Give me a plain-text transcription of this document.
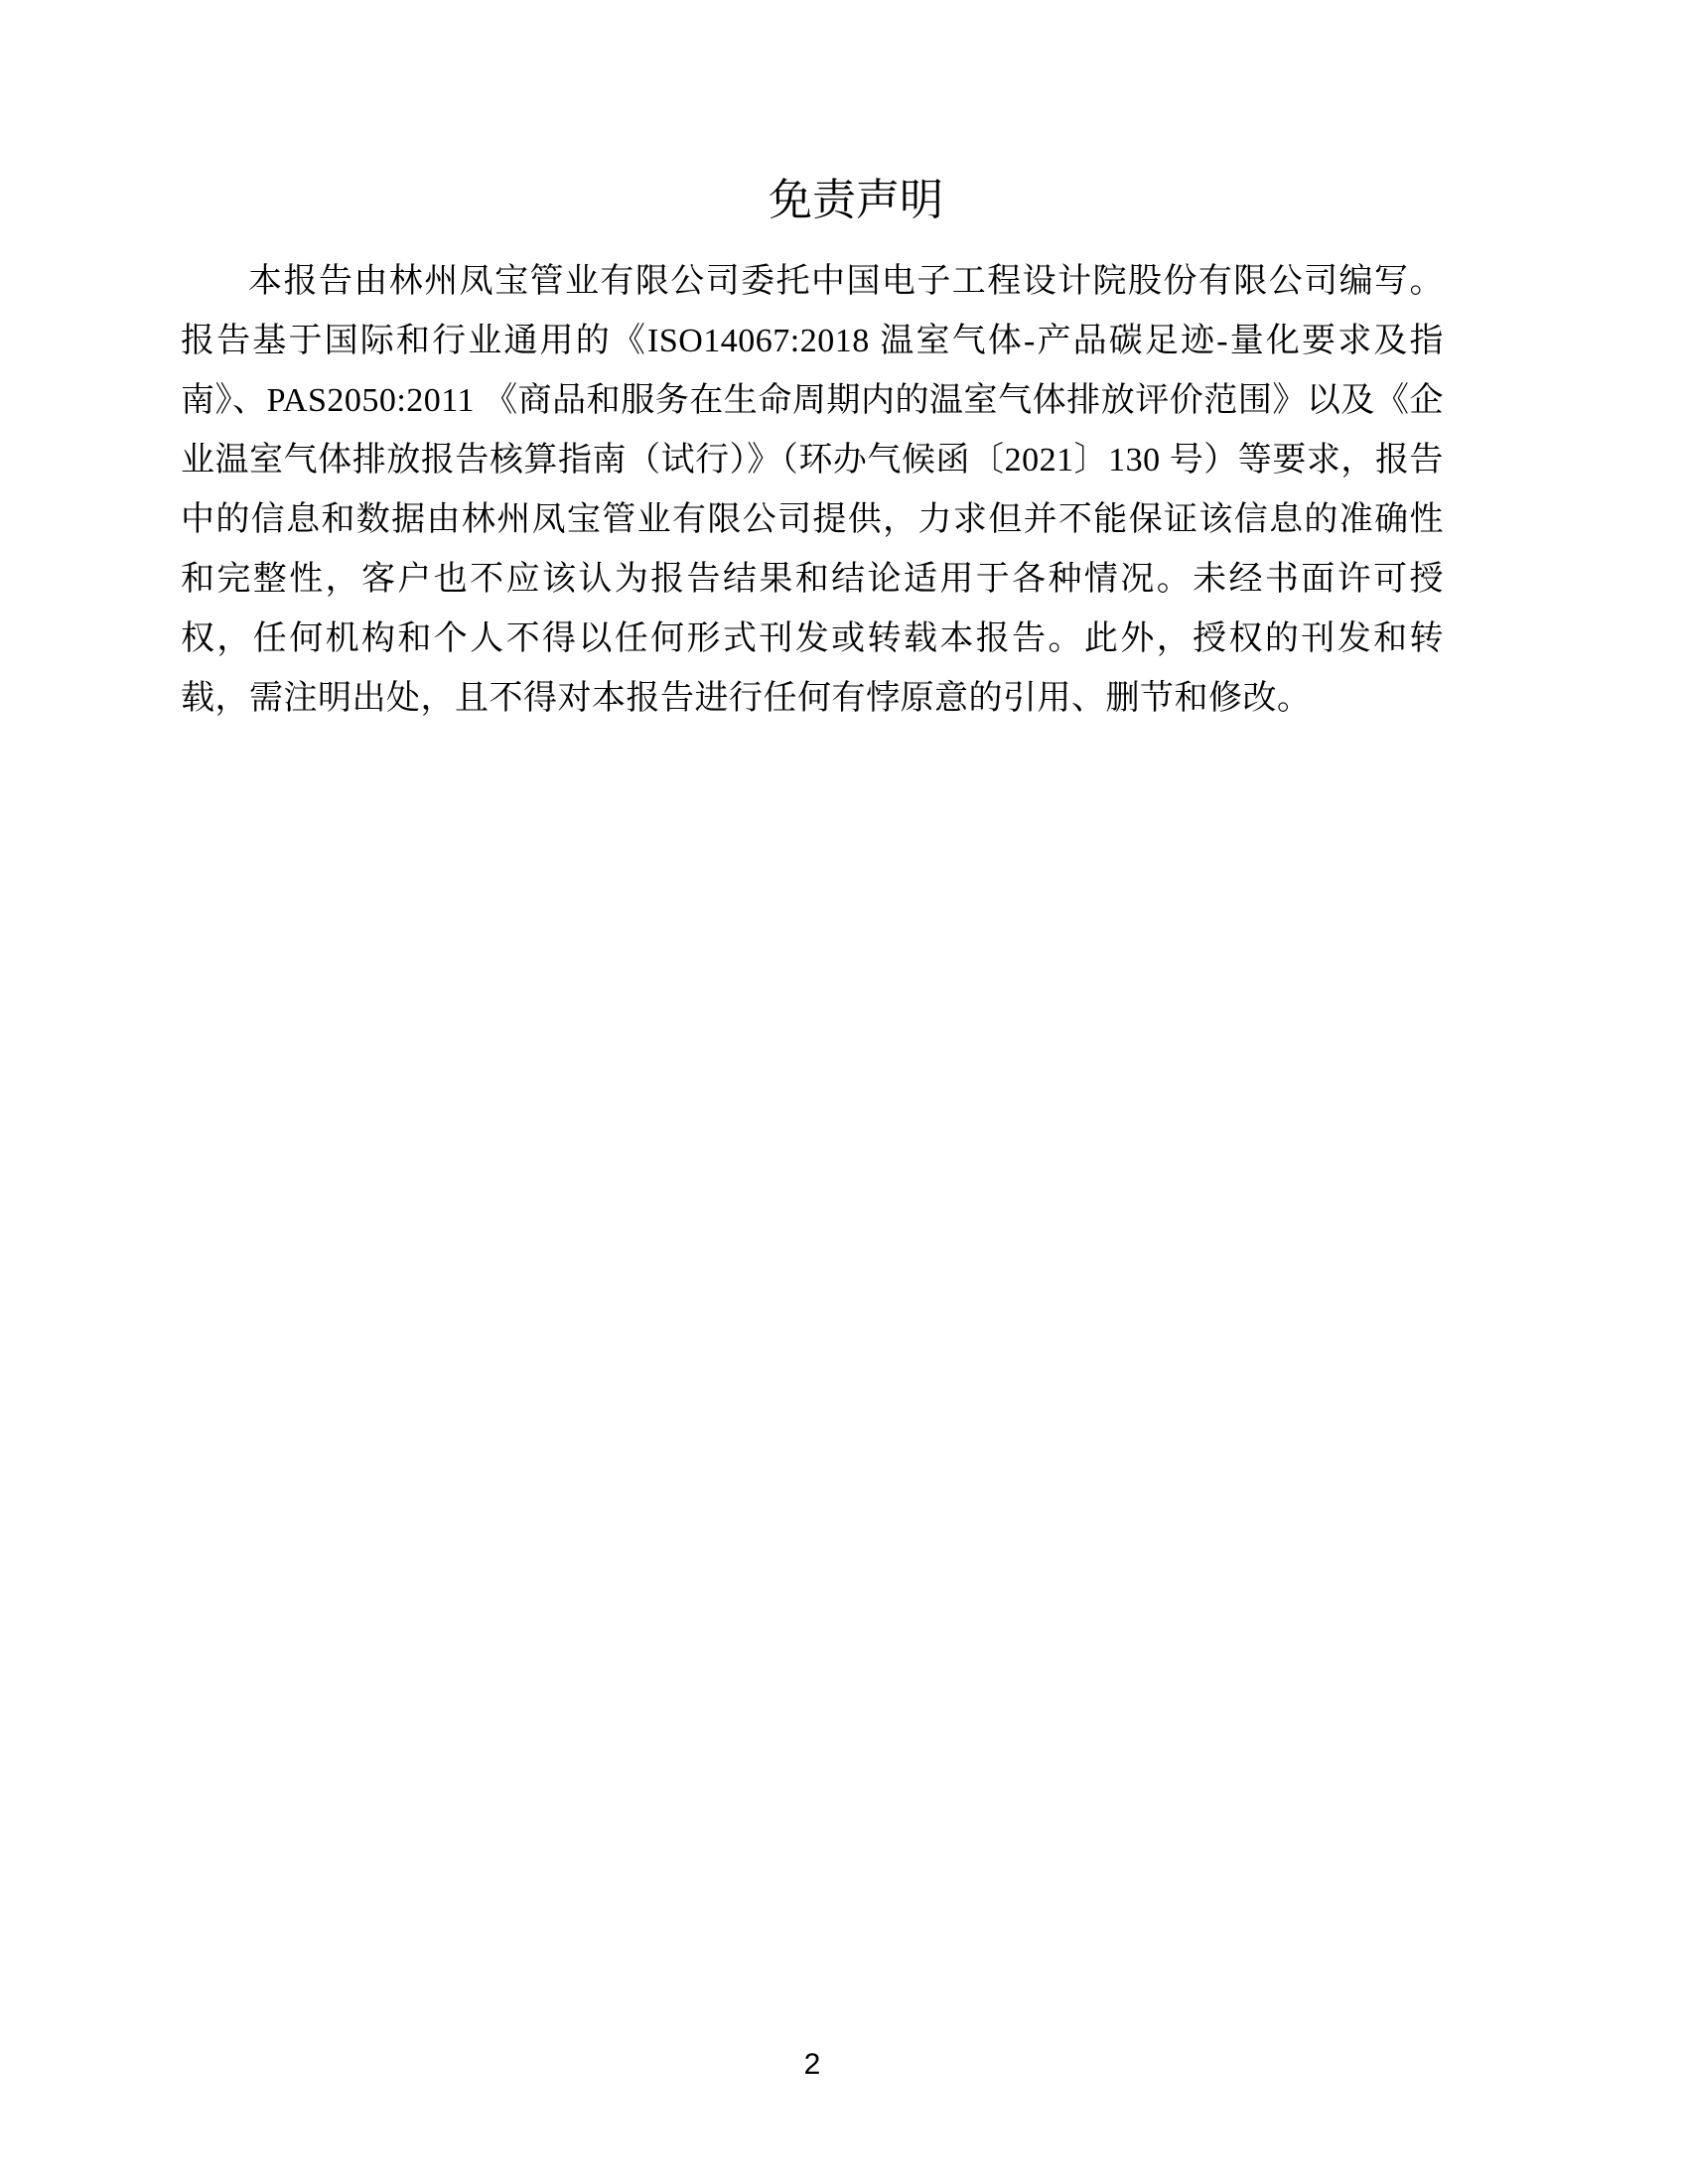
免责声明

本报告由林州凤宝管业有限公司委托中国电子工程设计院股份有限公司编写。报告基于国际和行业通用的《ISO14067:2018 温室气体-产品碳足迹-量化要求及指南》、PAS2050:2011 《商品和服务在生命周期内的温室气体排放评价范围》以及《企业温室气体排放报告核算指南（试行）》（环办气候函〔2021〕130 号）等要求，报告中的信息和数据由林州凤宝管业有限公司提供，力求但并不能保证该信息的准确性和完整性，客户也不应该认为报告结果和结论适用于各种情况。未经书面许可授权，任何机构和个人不得以任何形式刊发或转载本报告。此外，授权的刊发和转载，需注明出处，且不得对本报告进行任何有悖原意的引用、删节和修改。

2
